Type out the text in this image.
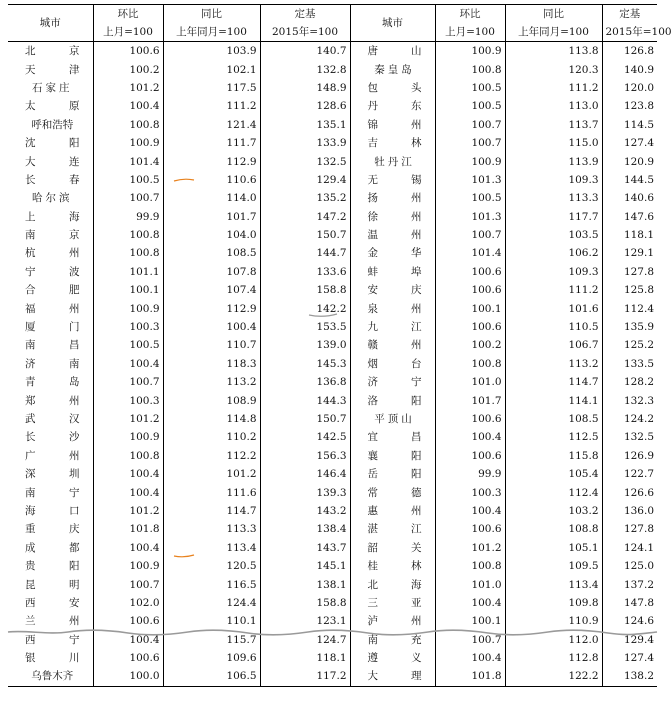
城市	环比	同比	定基	城市	环比	同比	定基
	上月=100	上年同月=100	2015年=100		上月=100	上年同月=100	2015年=100

北 京	100.6	103.9	140.7	唐 山	100.9	113.8	126.8

天 津	100.2	102.1	132.8	秦皇岛	100.8	120.3	140.9

石家庄	101.2	117.5	148.9	包 头	100.5	111.2	120.0

太 原	100.4	111.2	128.6	丹 东	100.5	113.0	123.8

呼和浩特	100.8	121.4	135.1	锦 州	100.7	113.7	114.5

沈 阳	100.9	111.7	133.9	吉 林	100.7	115.0	127.4

大 连	101.4	112.9	132.5	牡丹江	100.9	113.9	120.9

长 春	100.5	110.6	129.4	无 锡	101.3	109.3	144.5

哈尔滨	100.7	114.0	135.2	扬 州	100.5	113.3	140.6

上 海	99.9	101.7	147.2	徐 州	101.3	117.7	147.6

南 京	100.8	104.0	150.7	温 州	100.7	103.5	118.1

杭 州	100.8	108.5	144.7	金 华	101.4	106.2	129.1

宁 波	101.1	107.8	133.6	蚌 埠	100.6	109.3	127.8

合 肥	100.1	107.4	158.8	安 庆	100.6	111.2	125.8

福 州	100.9	112.9	142.2	泉 州	100.1	101.6	112.4

厦 门	100.3	100.4	153.5	九 江	100.6	110.5	135.9

南 昌	100.5	110.7	139.0	赣 州	100.2	106.7	125.2

济 南	100.4	118.3	145.3	烟 台	100.8	113.2	133.5

青 岛	100.7	113.2	136.8	济 宁	101.0	114.7	128.2

郑 州	100.3	108.9	144.3	洛 阳	101.7	114.1	132.3

武 汉	101.2	114.8	150.7	平顶山	100.6	108.5	124.2

长 沙	100.9	110.2	142.5	宜 昌	100.4	112.5	132.5

广 州	100.8	112.2	156.3	襄 阳	100.6	115.8	126.9

深 圳	100.4	101.2	146.4	岳 阳	99.9	105.4	122.7

南 宁	100.4	111.6	139.3	常 德	100.3	112.4	126.6

海 口	101.2	114.7	143.2	惠 州	100.4	103.2	136.0

重 庆	101.8	113.3	138.4	湛 江	100.6	108.8	127.8

成 都	100.4	113.4	143.7	韶 关	101.2	105.1	124.1

贵 阳	100.9	120.5	145.1	桂 林	100.8	109.5	125.0

昆 明	100.7	116.5	138.1	北 海	101.0	113.4	137.2

西 安	102.0	124.4	158.8	三 亚	100.4	109.8	147.8

兰 州	100.6	110.1	123.1	泸 州	100.1	110.9	124.6

西 宁	100.4	115.7	124.7	南 充	100.7	112.0	129.4

银 川	100.6	109.6	118.1	遵 义	100.4	112.8	127.4

乌鲁木齐	100.0	106.5	117.2	大 理	101.8	122.2	138.2
